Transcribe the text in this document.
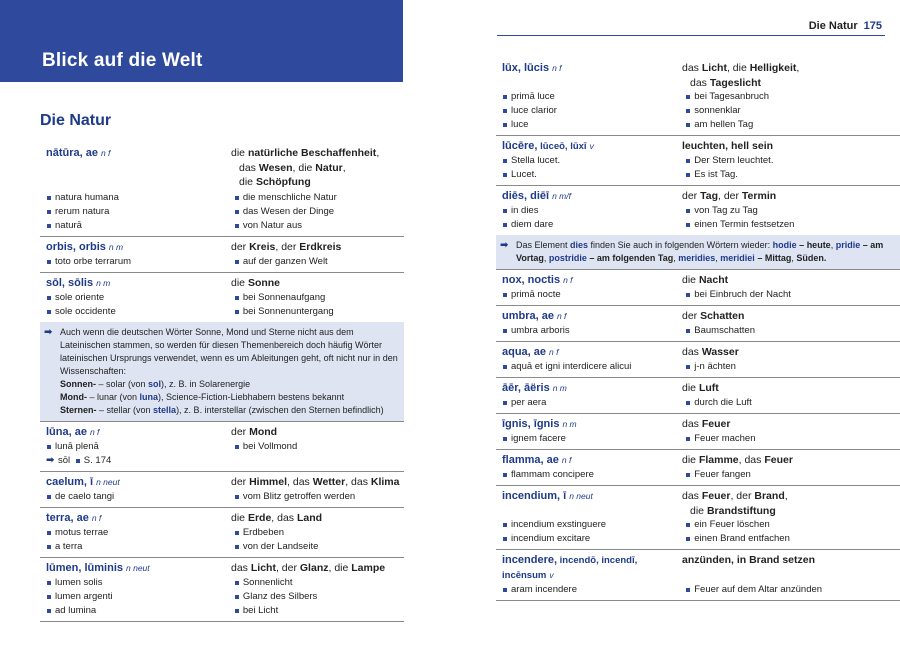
Blick auf die Welt
Die Natur
nātūra, ae n f	die natürliche Beschaffenheit,
das Wesen, die Natur,
die Schöpfung
natura humana	die menschliche Natur
rerum natura	das Wesen der Dinge
naturā	von Natur aus
orbis, orbis n m	der Kreis, der Erdkreis
toto orbe terrarum	auf der ganzen Welt
sōl, sōlis n m	die Sonne
sole oriente	bei Sonnenaufgang
sole occidente	bei Sonnenuntergang
➡ Auch wenn die deutschen Wörter Sonne, Mond und Sterne nicht aus dem Lateinischen stammen, so werden für diesen Themenbereich doch häufig Wörter lateinischen Ursprungs verwendet, wenn es um Ableitungen geht, oft nicht nur in den Wissenschaften:
Sonnen- – solar (von sol), z. B. in Solarenergie
Mond- – lunar (von luna), Science-Fiction-Liebhabern bestens bekannt
Sternen- – stellar (von stella), z. B. interstellar (zwischen den Sternen befindlich)
lūna, ae n f	der Mond
lunā plenā	bei Vollmond
➡ sōl S. 174
caelum, ī n neut	der Himmel, das Wetter, das Klima
de caelo tangi	vom Blitz getroffen werden
terra, ae n f	die Erde, das Land
motus terrae	Erdbeben
a terra	von der Landseite
lūmen, lūminis n neut	das Licht, der Glanz, die Lampe
lumen solis	Sonnenlicht
lumen argenti	Glanz des Silbers
ad lumina	bei Licht
Die Natur 175
lūx, lūcis n f	das Licht, die Helligkeit,
das Tageslicht
primā luce	bei Tagesanbruch
luce clarior	sonnenklar
luce	am hellen Tag
lūcēre, lūceō, lūxī v	leuchten, hell sein
Stella lucet.	Der Stern leuchtet.
Lucet.	Es ist Tag.
diēs, diēī n m/f	der Tag, der Termin
in dies	von Tag zu Tag
diem dare	einen Termin festsetzen
➡ Das Element dies finden Sie auch in folgenden Wörtern wieder: hodie – heute, pridie – am Vortag, postridie – am folgenden Tag, meridies, meridiei – Mittag, Süden.
nox, noctis n f	die Nacht
primā nocte	bei Einbruch der Nacht
umbra, ae n f	der Schatten
umbra arboris	Baumschatten
aqua, ae n f	das Wasser
aquā et igni interdicere alicui	j-n ächten
āēr, āëris n m	die Luft
per aera	durch die Luft
īgnis, īgnis n m	das Feuer
ignem facere	Feuer machen
flamma, ae n f	die Flamme, das Feuer
flammam concipere	Feuer fangen
incendium, ī n neut	das Feuer, der Brand,
die Brandstiftung
incendium exstinguere	ein Feuer löschen
incendium excitare	einen Brand entfachen
incendere, incendō, incendī,	anzünden, in Brand setzen
incēnsum v
aram incendere	Feuer auf dem Altar anzünden
